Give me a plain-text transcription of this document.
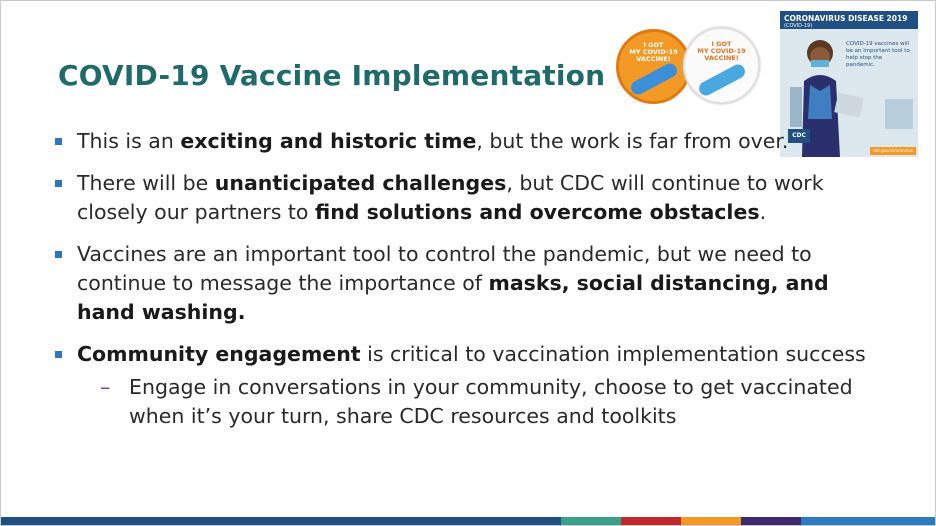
COVID-19 Vaccine Implementation
I GOT
MY COVID-19
VACCINE!
I GOT
MY COVID-19
VACCINE!
CORONAVIRUS DISEASE 2019
(COVID-19)
COVID-19 vaccines will be an important tool to help stop the pandemic.
CDC
cdc.gov/coronavirus
This is an exciting and historic time, but the work is far from over.
There will be unanticipated challenges, but CDC will continue to work closely our partners to find solutions and overcome obstacles.
Vaccines are an important tool to control the pandemic, but we need to continue to message the importance of masks, social distancing, and hand washing.
Community engagement is critical to vaccination implementation success
– Engage in conversations in your community, choose to get vaccinated when it’s your turn, share CDC resources and toolkits
